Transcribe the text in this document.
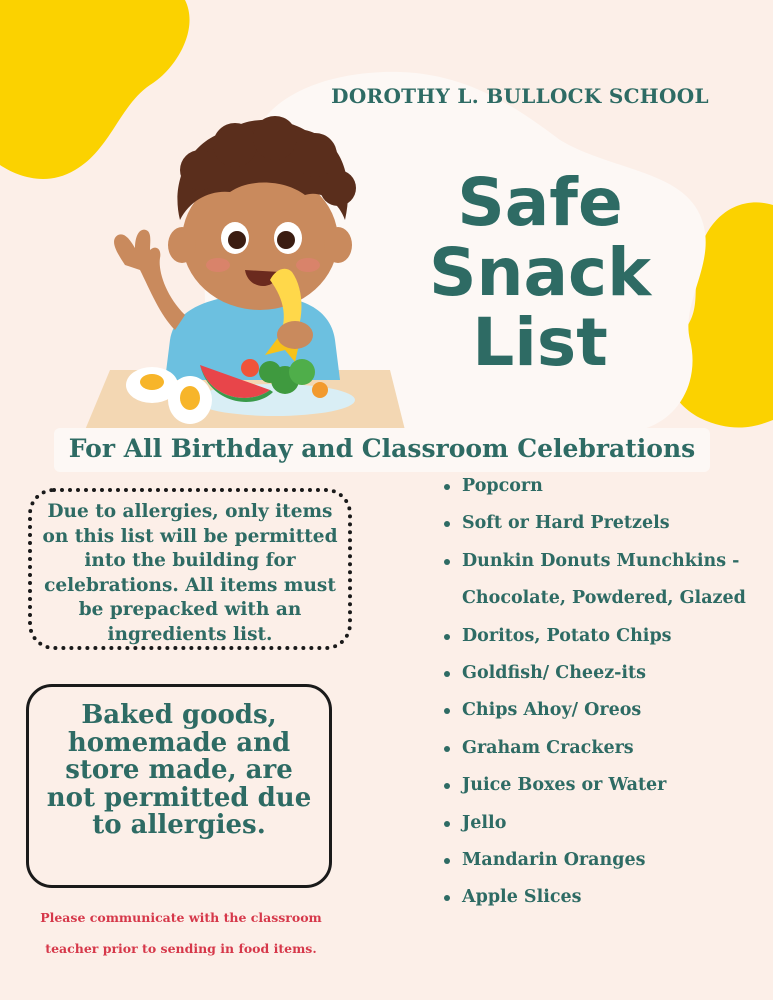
DOROTHY L. BULLOCK SCHOOL
Safe
Snack
List
For All Birthday and Classroom Celebrations
Due to allergies, only items on this list will be permitted into the building for celebrations. All items must be prepacked with an ingredients list.
Baked goods, homemade and store made, are not permitted due to allergies.
Please communicate with the classroom teacher prior to sending in food items.
Popcorn
Soft or Hard Pretzels
Dunkin Donuts Munchkins - Chocolate, Powdered, Glazed
Doritos, Potato Chips
Goldfish/ Cheez-its
Chips Ahoy/ Oreos
Graham Crackers
Juice Boxes or Water
Jello
Mandarin Oranges
Apple Slices
